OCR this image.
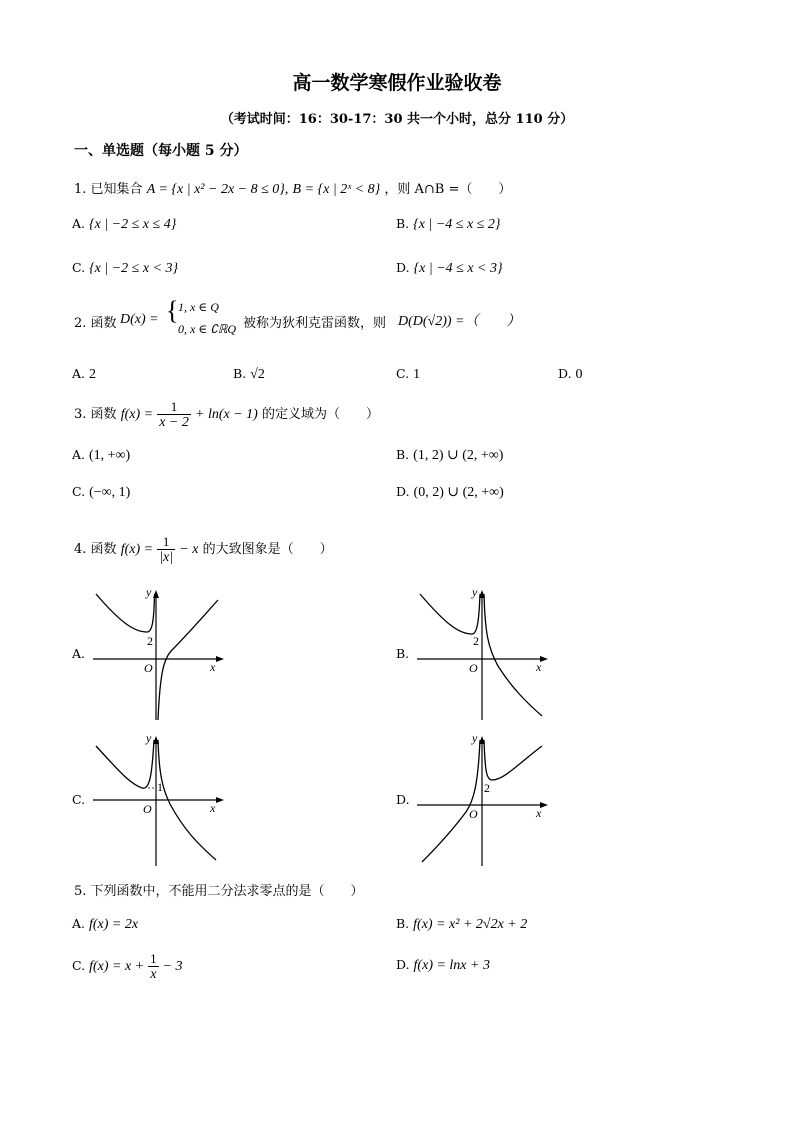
高一数学寒假作业验收卷
（考试时间：16：30-17：30 共一个小时，总分 110 分）
一、单选题（每小题 5 分）
1. 已知集合 A = {x | x² − 2x − 8 ≤ 0}, B = {x | 2ˣ < 8} ，则 A∩B =（　　）
A. {x | −2 ≤ x ≤ 4}	B. {x | −4 ≤ x ≤ 2}
C. {x | −2 ≤ x < 3}	D. {x | −4 ≤ x < 3}
2. 函数 D(x) = { 1, x ∈ Q
0, x ∈ ∁ℝQ 被称为狄利克雷函数，则 D(D(√2)) =（　　）
A. 2	B. √2	C. 1	D. 0
3. 函数 $f(x) = \frac{1}{x - 2} + \ln(x - 1)$ 的定义域为（　　）
A. (1, +∞)	B. (1, 2) ∪ (2, +∞)
C. (−∞, 1)	D. (0, 2) ∪ (2, +∞)
4. 函数 $f(x) = \frac{1}{|x|} - x$ 的大致图象是（　　）
A.
y
x
O
2
B.
y
x
O
2
C.
y
x
O
1
D.
y
x
O
2
5. 下列函数中，不能用二分法求零点的是（　　）
A. f(x) = 2x	B. f(x) = x² + 2√2x + 2
C. $f(x) = x + \frac{1}{x} - 3$	D. f(x) = lnx + 3
